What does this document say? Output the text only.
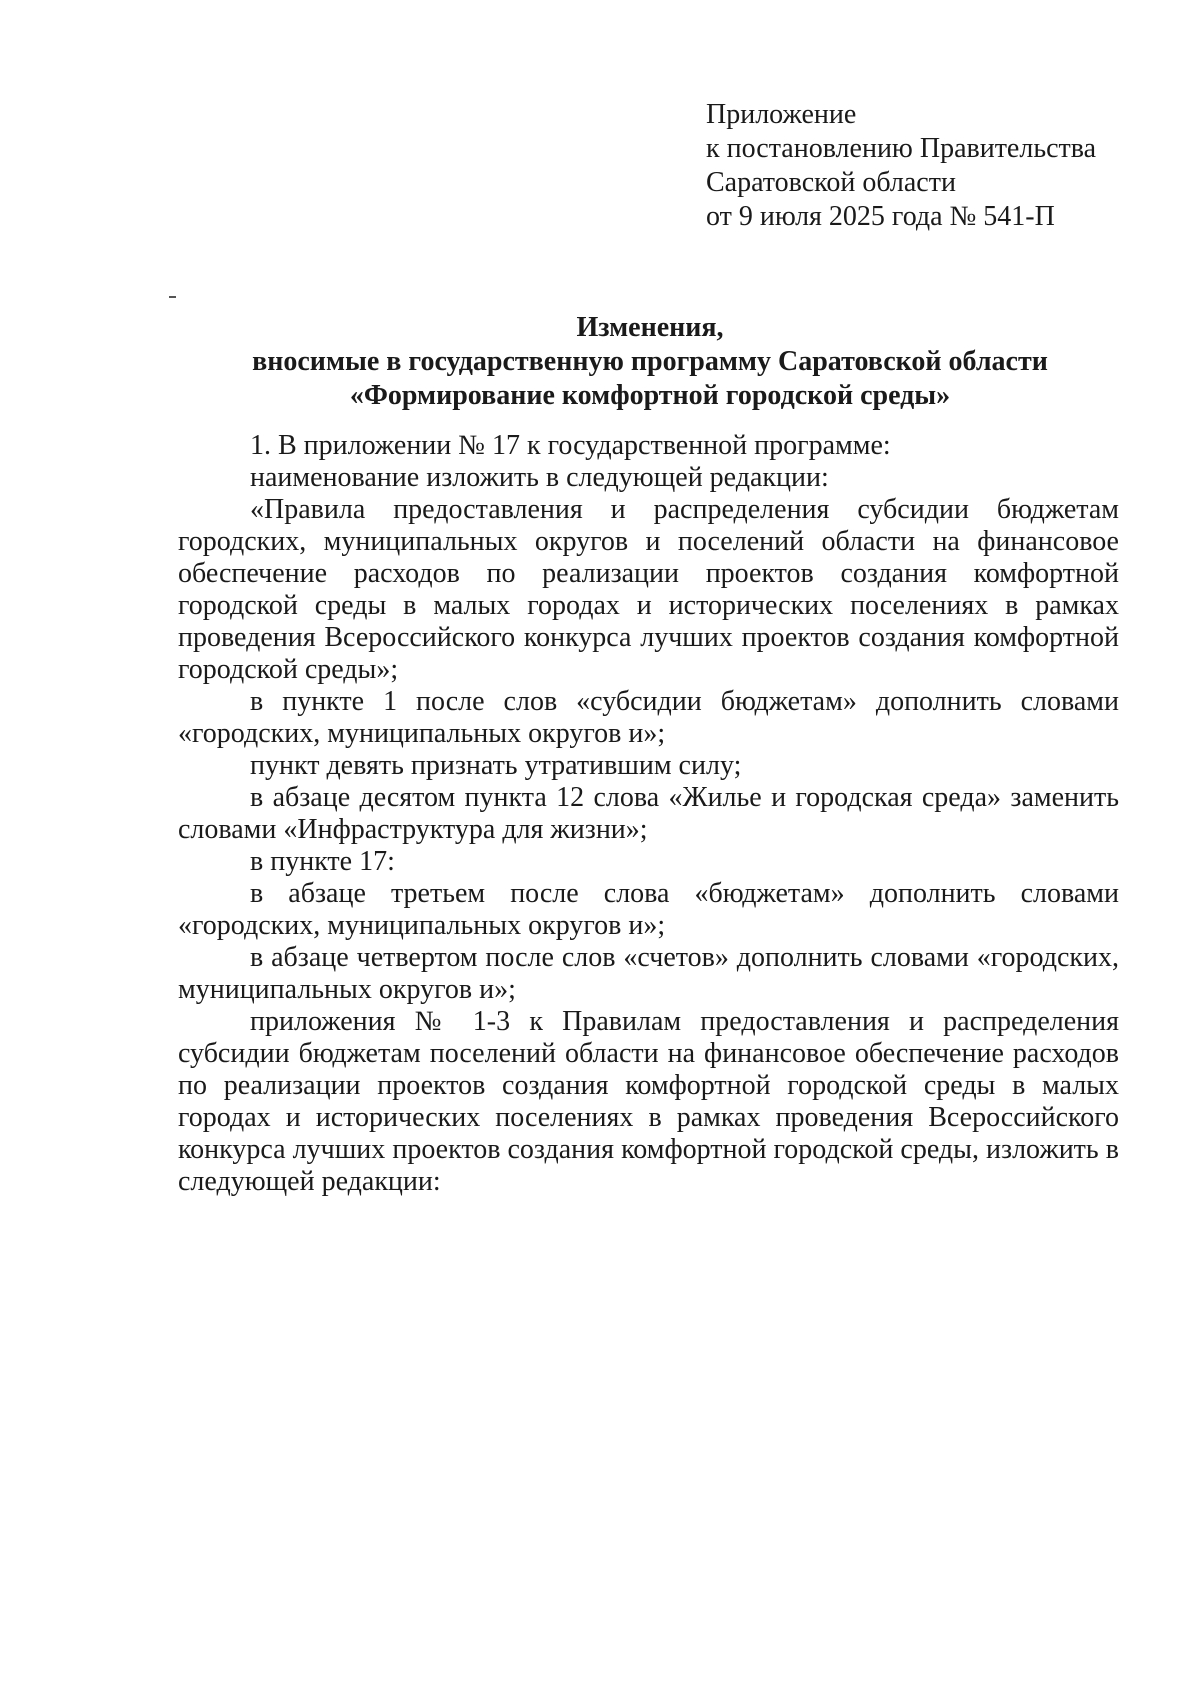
Приложение
к постановлению Правительства
Саратовской области
от 9 июля 2025 года № 541-П
Изменения,
вносимые в государственную программу Саратовской области
«Формирование комфортной городской среды»

1. В приложении № 17 к государственной программе:

наименование изложить в следующей редакции:

«Правила предоставления и распределения субсидии бюджетам городских, муниципальных округов и поселений области на финансовое обеспечение расходов по реализации проектов создания комфортной городской среды в малых городах и исторических поселениях в рамках проведения Всероссийского конкурса лучших проектов создания комфортной городской среды»;

в пункте 1 после слов «субсидии бюджетам» дополнить словами «городских, муниципальных округов и»;

пункт девять признать утратившим силу;

в абзаце десятом пункта 12 слова «Жилье и городская среда» заменить словами «Инфраструктура для жизни»;

в пункте 17:

в абзаце третьем после слова «бюджетам» дополнить словами «городских, муниципальных округов и»;

в абзаце четвертом после слов «счетов» дополнить словами «городских, муниципальных округов и»;

приложения № 1-3 к Правилам предоставления и распределения субсидии бюджетам поселений области на финансовое обеспечение расходов по реализации проектов создания комфортной городской среды в малых городах и исторических поселениях в рамках проведения Всероссийского конкурса лучших проектов создания комфортной городской среды, изложить в следующей редакции:
